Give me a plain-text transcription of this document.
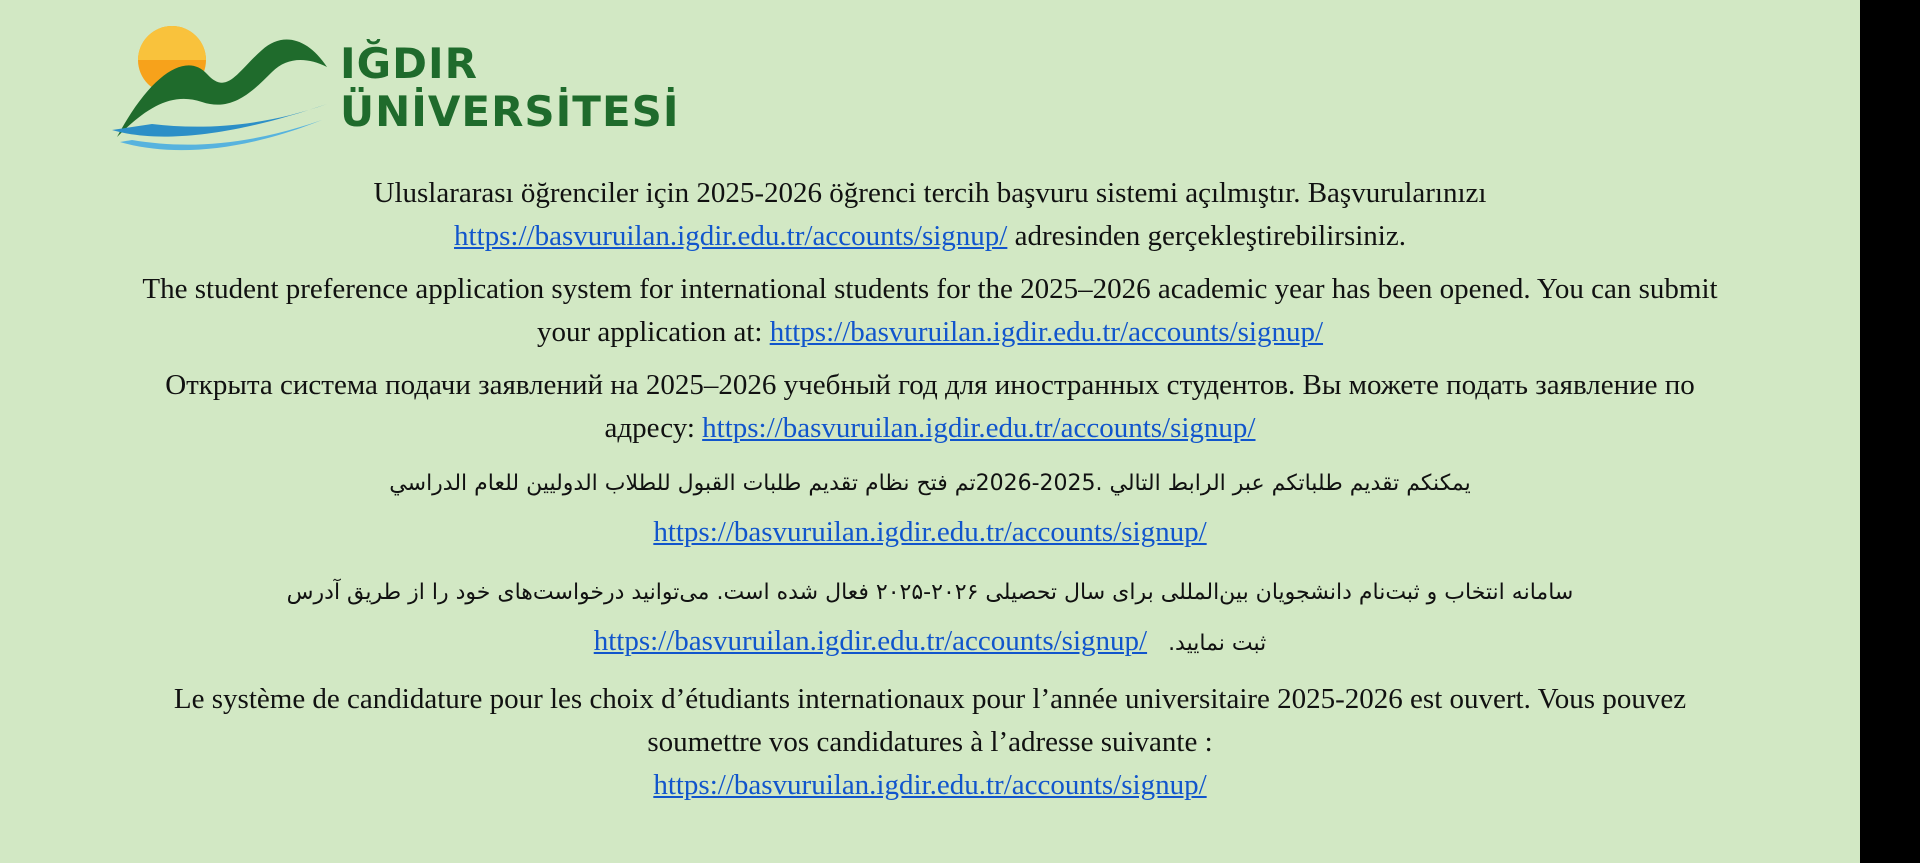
IĞDIR
ÜNİVERSİTESİ

Uluslararası öğrenciler için 2025-2026 öğrenci tercih başvuru sistemi açılmıştır. Başvurularınızı
https://basvuruilan.igdir.edu.tr/accounts/signup/ adresinden gerçekleştirebilirsiniz.

The student preference application system for international students for the 2025–2026 academic year has been opened. You can submit your application at: https://basvuruilan.igdir.edu.tr/accounts/signup/

Открыта система подачи заявлений на 2025–2026 учебный год для иностранных студентов. Вы можете подать заявление по адресу: https://basvuruilan.igdir.edu.tr/accounts/signup/

يمكنكم تقديم طلباتكم عبر الرابط التالي .2025-2026تم فتح نظام تقديم طلبات القبول للطلاب الدوليين للعام الدراسي
https://basvuruilan.igdir.edu.tr/accounts/signup/

سامانه انتخاب و ثبت‌نام دانشجویان بین‌المللی برای سال تحصیلی ۲۰۲۶-۲۰۲۵ فعال شده است. می‌توانید درخواست‌های خود را از طریق آدرس
https://basvuruilan.igdir.edu.tr/accounts/signup/ ثبت نمایید.

Le système de candidature pour les choix d’étudiants internationaux pour l’année universitaire 2025-2026 est ouvert. Vous pouvez soumettre vos candidatures à l’adresse suivante :
https://basvuruilan.igdir.edu.tr/accounts/signup/
